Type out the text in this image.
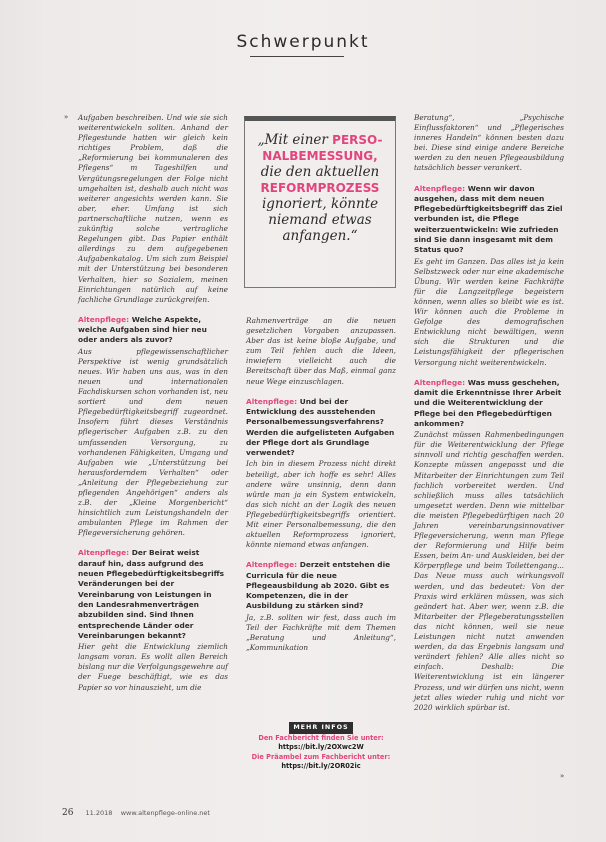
Schwerpunkt
» Aufgaben beschreiben. Und wie sie sich weiterentwickeln sollten. Anhand der Pflegestunde hatten wir gleich kein richtiges Problem, daß die „Reformierung bei kommunaleren des Pflegens“ m Tageshilfen und Vergütungsregelungen der Folge nicht umgehalten ist, deshalb auch nicht was weiterer angesichts werden kann. Sie aber, eher. Umfang ist sich partnerschaftliche nutzen, wenn es zukünftig solche vertragliche Regelungen gibt. Das Papier enthält allerdings zu dem aufgegebenen Aufgabenkatalog. Um sich zum Beispiel mit der Unterstützung bei besonderen Verhalten, hier so Sozialem, meinen Einrichtungen natürlich auf keine fachliche Grundlage zurückgreifen.

Altenpflege: Welche Aspekte, welche Aufgaben sind hier neu oder anders als zuvor?

Aus pflegewissenschaftlicher Perspektive ist wenig grundsätzlich neues. Wir haben uns aus, was in den neuen und internationalen Fachdiskursen schon vorhanden ist, neu sortiert und dem neuen Pflegebedürftigkeitsbegriff zugeordnet. Insofern führt dieses Verständnis pflegerischer Aufgaben z.B. zu den umfassenden Versorgung, zu vorhandenen Fähigkeiten, Umgang und Aufgaben wie „Unterstützung bei herausforderndem Verhalten“ oder „Anleitung der Pflegebeziehung zur pflegenden Angehörigen“ anders als z.B. der „Kleine Morgenbericht“ hinsichtlich zum Leistungshandeln der ambulanten Pflege im Rahmen der Pflegeversicherung gehören.

Altenpflege: Der Beirat weist darauf hin, dass aufgrund des neuen Pflegebedürftigkeitsbegriffs Veränderungen bei der Vereinbarung von Leistungen in den Landesrahmenverträgen abzubilden sind. Sind Ihnen entsprechende Länder oder Vereinbarungen bekannt?

Hier geht die Entwicklung ziemlich langsam voran. Es wollt allen Bereich bislang nur die Verfolgungsgewehre auf der Fuege beschäftigt, wie es das Papier so vor hinauszieht, um die

„Mit einer PERSO-
NALBEMESSUNG,
die den aktuellen
REFORMPROZESS
ignoriert, könnte niemand etwas anfangen.“

Rahmenverträge an die neuen gesetzlichen Vorgaben anzupassen. Aber das ist keine bloße Aufgabe, und zum Teil fehlen auch die Ideen, inwiefern vielleicht auch die Bereitschaft über das Maß, einmal ganz neue Wege einzuschlagen.

Altenpflege: Und bei der Entwicklung des ausstehenden Personalbemessungsverfahrens? Werden die aufgelisteten Aufgaben der Pflege dort als Grundlage verwendet?

Ich bin in diesem Prozess nicht direkt beteiligt, aber ich hoffe es sehr! Alles andere wäre unsinnig, denn dann würde man ja ein System entwickeln, das sich nicht an der Logik des neuen Pflegebedürftigkeitsbegriffs orientiert. Mit einer Personalbemessung, die den aktuellen Reformprozess ignoriert, könnte niemand etwas anfangen.

Altenpflege: Derzeit entstehen die Curricula für die neue Pflegeausbildung ab 2020. Gibt es Kompetenzen, die in der Ausbildung zu stärken sind?

Ja, z.B. sollten wir fest, dass auch im Teil der Fachkräfte mit dem Themen „Beratung und Anleitung“, „Kommunikation

MEHR INFOS
Den Fachbericht finden Sie unter:
https://bit.ly/2OXwc2W
Die Präambel zum Fachbericht unter:
https://bit.ly/2OR02ic

Beratung“, „Psychische Einflussfaktoren“ und „Pflegerisches inneres Handeln“ können besten dazu bei. Diese sind einige andere Bereiche werden zu den neuen Pflegeausbildung tatsächlich besser verankert.

Altenpflege: Wenn wir davon ausgehen, dass mit dem neuen Pflegebedürftigkeitsbegriff das Ziel verbunden ist, die Pflege weiterzuentwickeln: Wie zufrieden sind Sie dann insgesamt mit dem Status quo?

Es geht im Ganzen. Das alles ist ja kein Selbstzweck oder nur eine akademische Übung. Wir werden keine Fachkräfte für die Langzeitpflege begeistern können, wenn alles so bleibt wie es ist. Wir können auch die Probleme in Gefolge des demografischen Entwicklung nicht bewältigen, wenn sich die Strukturen und die Leistungsfähigkeit der pflegerischen Versorgung nicht weiterentwickeln.

Altenpflege: Was muss geschehen, damit die Erkenntnisse Ihrer Arbeit und die Weiterentwicklung der Pflege bei den Pflegebedürftigen ankommen?

Zunächst müssen Rahmenbedingungen für die Weiterentwicklung der Pflege sinnvoll und richtig geschaffen werden. Konzepte müssen angepasst und die Mitarbeiter der Einrichtungen zum Teil fachlich vorbereitet werden. Und schließlich muss alles tatsächlich umgesetzt werden. Denn wie mittelbar die meisten Pflegebedürftigen nach 20 Jahren vereinbarungsinnovativer Pflegeversicherung, wenn man Pflege der Reformierung und Hilfe beim Essen, beim An- und Auskleiden, bei der Körperpflege und beim Toilettengang... Das Neue muss auch wirkungsvoll werden, und das bedeutet: Von der Praxis wird erklären müssen, was sich geändert hat. Aber wer, wenn z.B. die Mitarbeiter der Pflegeberatungsstellen das nicht können, weil sie neue Leistungen nicht nutzt anwenden werden, da das Ergebnis langsam und verändert fehlen? Alle alles nicht so einfach. Deshalb: Die Weiterentwicklung ist ein längerer Prozess, und wir dürfen uns nicht, wenn jetzt alles wieder ruhig und nicht vor 2020 wirklich spürbar ist.

»
26 11.2018 www.altenpflege-online.net
